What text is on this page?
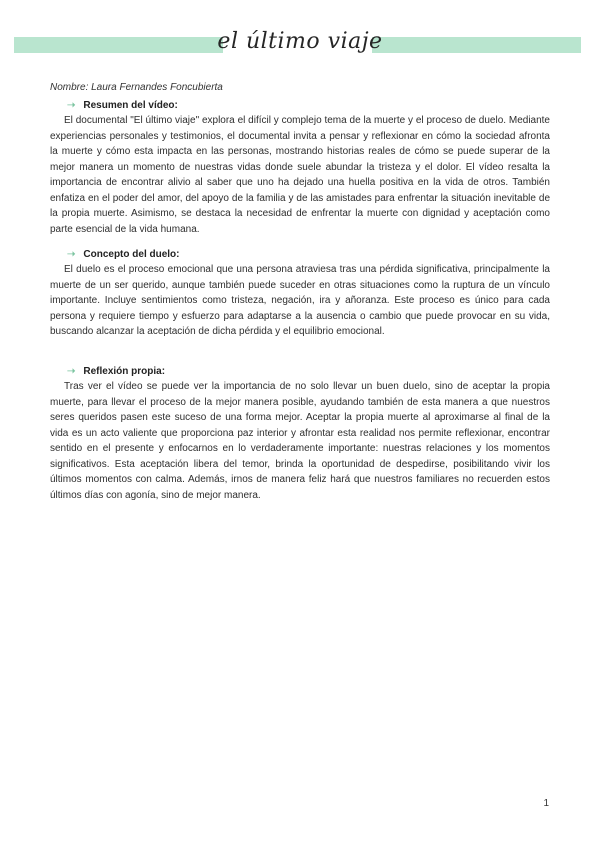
el último viaje
Nombre: Laura Fernandes Foncubierta
➝ Resumen del vídeo:

El documental "El último viaje" explora el difícil y complejo tema de la muerte y el proceso de duelo. Mediante experiencias personales y testimonios, el documental invita a pensar y reflexionar en cómo la sociedad afronta la muerte y cómo esta impacta en las personas, mostrando historias reales de cómo se puede superar de la mejor manera un momento de nuestras vidas donde suele abundar la tristeza y el dolor. El vídeo resalta la importancia de encontrar alivio al saber que uno ha dejado una huella positiva en la vida de otros. También enfatiza en el poder del amor, del apoyo de la familia y de las amistades para enfrentar la situación inevitable de la propia muerte. Asimismo, se destaca la necesidad de enfrentar la muerte con dignidad y aceptación como parte esencial de la vida humana.

➝ Concepto del duelo:

El duelo es el proceso emocional que una persona atraviesa tras una pérdida significativa, principalmente la muerte de un ser querido, aunque también puede suceder en otras situaciones como la ruptura de un vínculo importante. Incluye sentimientos como tristeza, negación, ira y añoranza. Este proceso es único para cada persona y requiere tiempo y esfuerzo para adaptarse a la ausencia o cambio que puede provocar en su vida, buscando alcanzar la aceptación de dicha pérdida y el equilibrio emocional.

➝ Reflexión propia:

Tras ver el vídeo se puede ver la importancia de no solo llevar un buen duelo, sino de aceptar la propia muerte, para llevar el proceso de la mejor manera posible, ayudando también de esta manera a que nuestros seres queridos pasen este suceso de una forma mejor. Aceptar la propia muerte al aproximarse al final de la vida es un acto valiente que proporciona paz interior y afrontar esta realidad nos permite reflexionar, encontrar sentido en el presente y enfocarnos en lo verdaderamente importante: nuestras relaciones y los momentos significativos. Esta aceptación libera del temor, brinda la oportunidad de despedirse, posibilitando vivir los últimos momentos con calma. Además, irnos de manera feliz hará que nuestros familiares no recuerden estos últimos días con agonía, sino de mejor manera.

1
